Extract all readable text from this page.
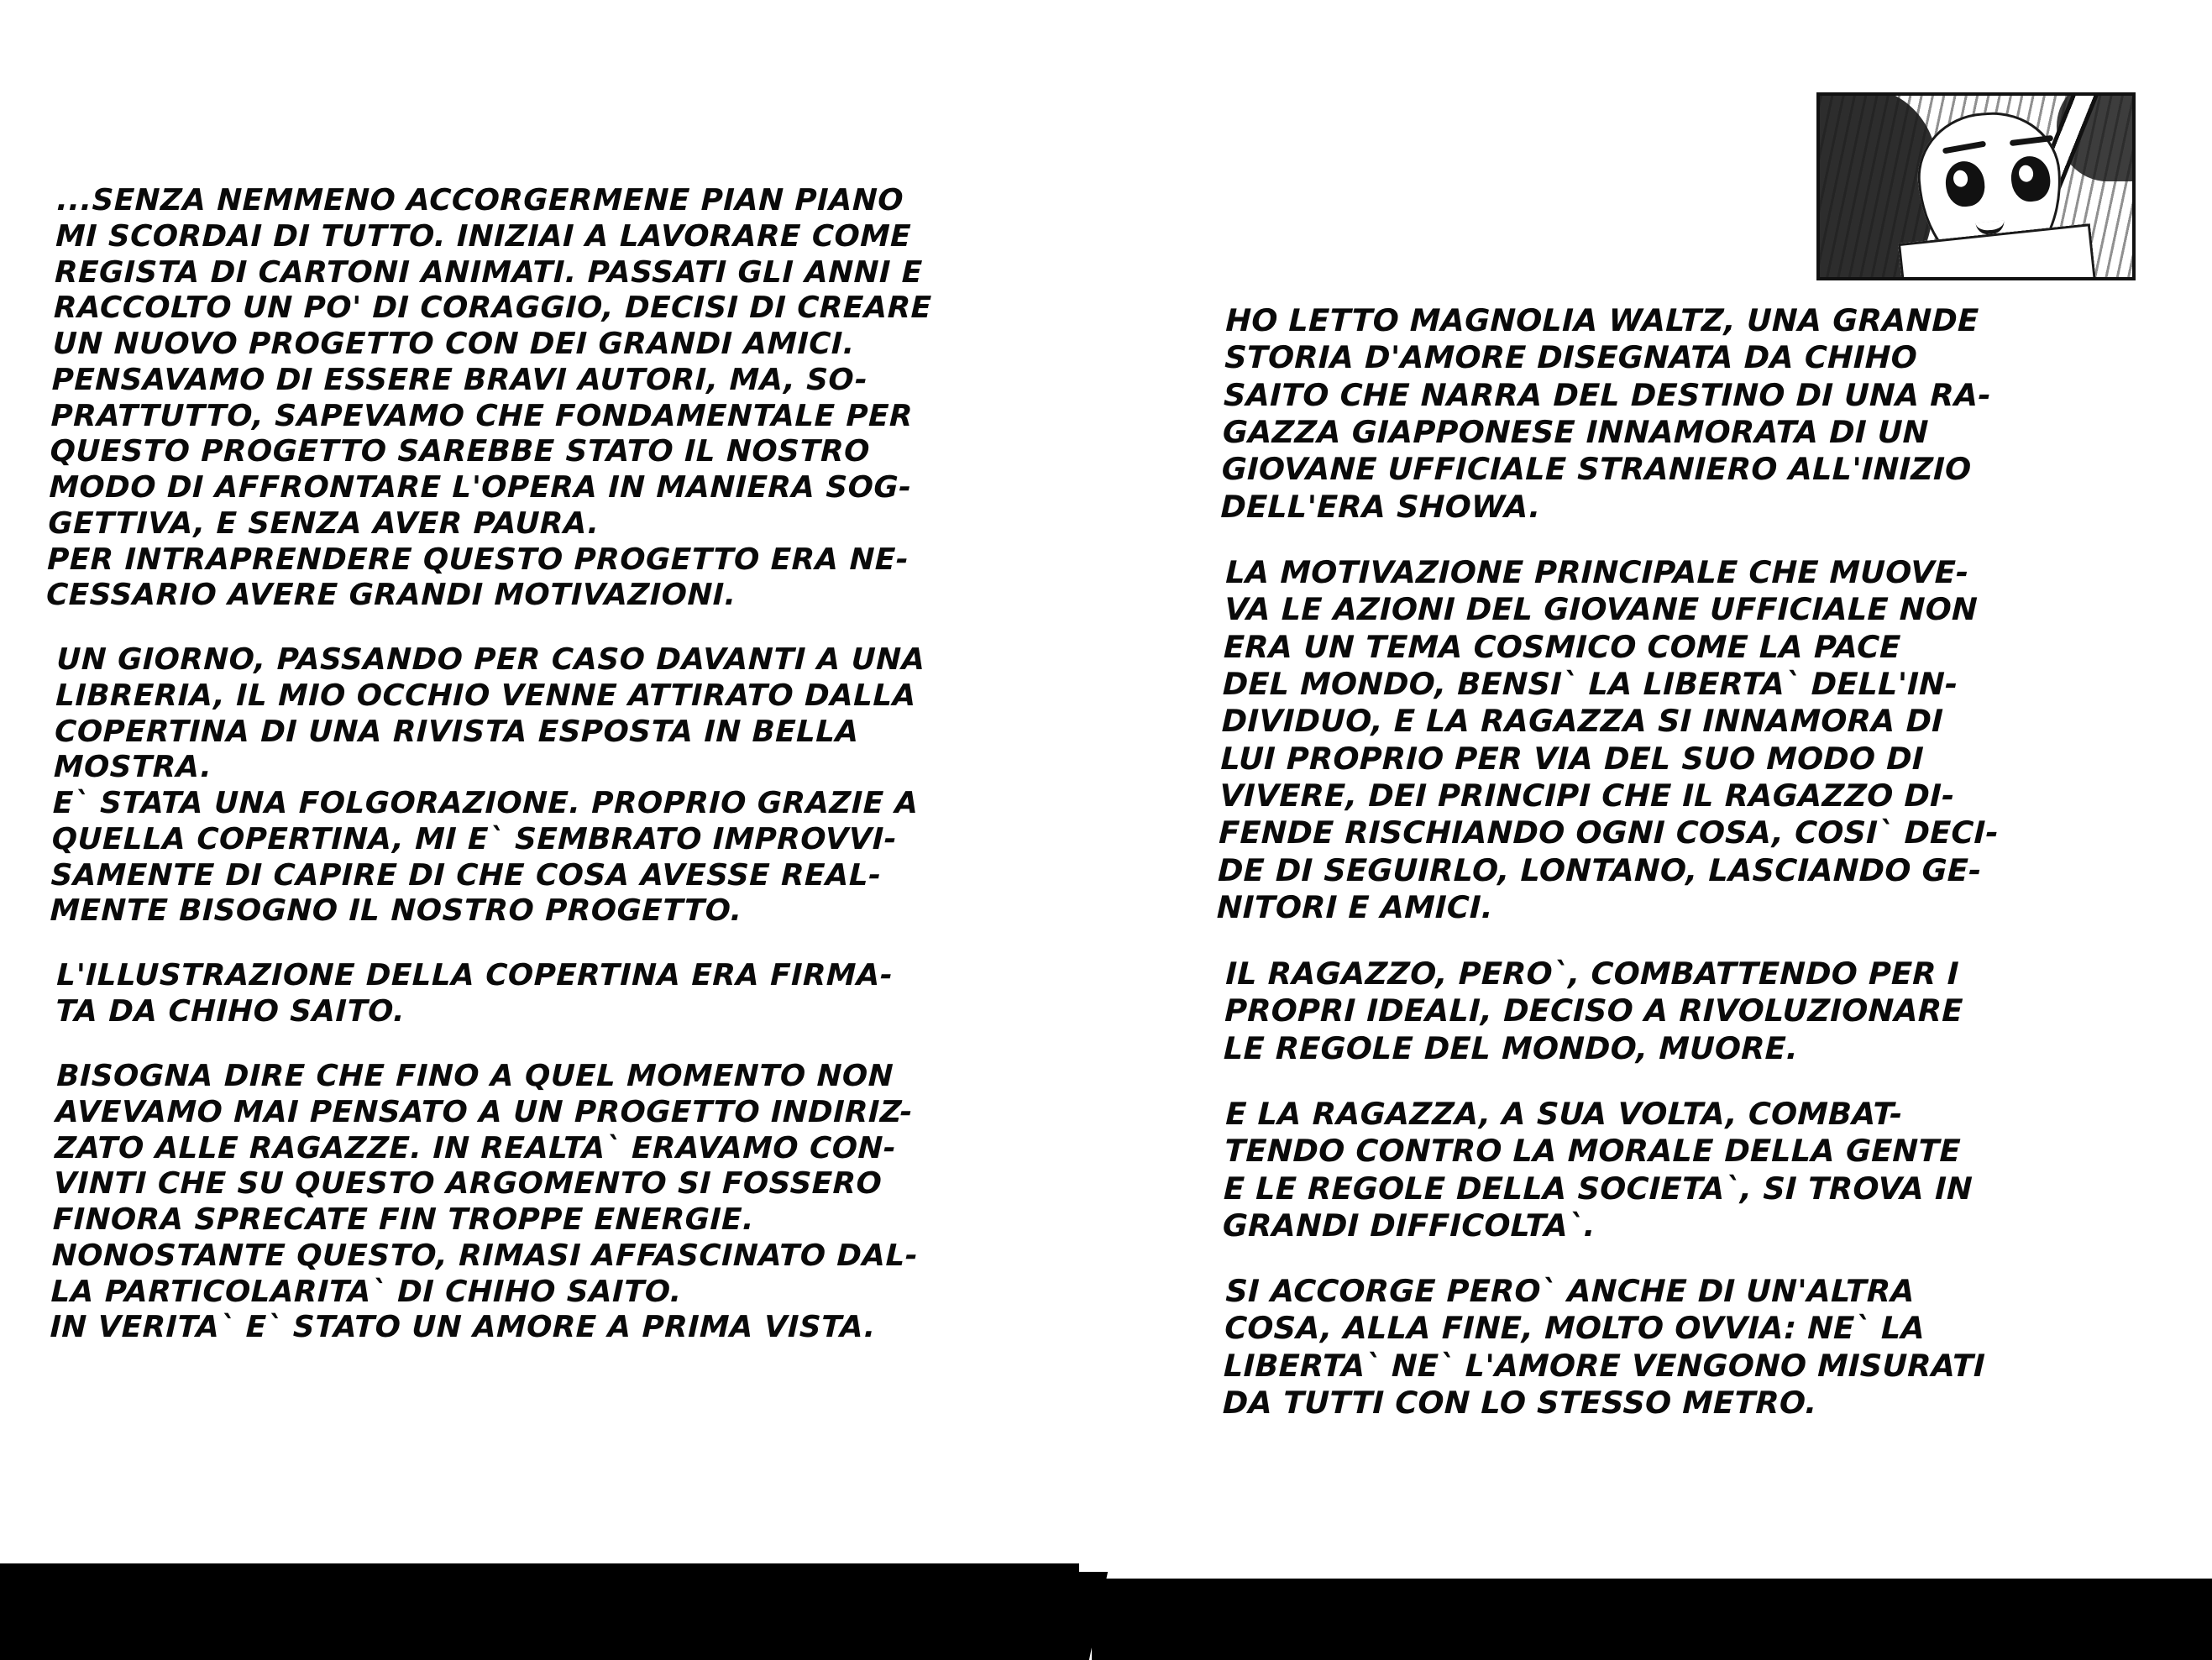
...SENZA NEMMENO ACCORGERMENE PIAN PIANO
MI SCORDAI DI TUTTO. INIZIAI A LAVORARE COME
REGISTA DI CARTONI ANIMATI. PASSATI GLI ANNI E
RACCOLTO UN PO' DI CORAGGIO, DECISI DI CREARE
UN NUOVO PROGETTO CON DEI GRANDI AMICI.
PENSAVAMO DI ESSERE BRAVI AUTORI, MA, SO-
PRATTUTTO, SAPEVAMO CHE FONDAMENTALE PER
QUESTO PROGETTO SAREBBE STATO IL NOSTRO
MODO DI AFFRONTARE L'OPERA IN MANIERA SOG-
GETTIVA, E SENZA AVER PAURA.
PER INTRAPRENDERE QUESTO PROGETTO ERA NE-
CESSARIO AVERE GRANDI MOTIVAZIONI.

UN GIORNO, PASSANDO PER CASO DAVANTI A UNA
LIBRERIA, IL MIO OCCHIO VENNE ATTIRATO DALLA
COPERTINA DI UNA RIVISTA ESPOSTA IN BELLA
MOSTRA.
E` STATA UNA FOLGORAZIONE. PROPRIO GRAZIE A
QUELLA COPERTINA, MI E` SEMBRATO IMPROVVI-
SAMENTE DI CAPIRE DI CHE COSA AVESSE REAL-
MENTE BISOGNO IL NOSTRO PROGETTO.

L'ILLUSTRAZIONE DELLA COPERTINA ERA FIRMA-
TA DA CHIHO SAITO.

BISOGNA DIRE CHE FINO A QUEL MOMENTO NON
AVEVAMO MAI PENSATO A UN PROGETTO INDIRIZ-
ZATO ALLE RAGAZZE. IN REALTA` ERAVAMO CON-
VINTI CHE SU QUESTO ARGOMENTO SI FOSSERO
FINORA SPRECATE FIN TROPPE ENERGIE.
NONOSTANTE QUESTO, RIMASI AFFASCINATO DAL-
LA PARTICOLARITA` DI CHIHO SAITO.
IN VERITA` E` STATO UN AMORE A PRIMA VISTA.

HO LETTO MAGNOLIA WALTZ, UNA GRANDE
STORIA D'AMORE DISEGNATA DA CHIHO
SAITO CHE NARRA DEL DESTINO DI UNA RA-
GAZZA GIAPPONESE INNAMORATA DI UN
GIOVANE UFFICIALE STRANIERO ALL'INIZIO
DELL'ERA SHOWA.

LA MOTIVAZIONE PRINCIPALE CHE MUOVE-
VA LE AZIONI DEL GIOVANE UFFICIALE NON
ERA UN TEMA COSMICO COME LA PACE
DEL MONDO, BENSI` LA LIBERTA` DELL'IN-
DIVIDUO, E LA RAGAZZA SI INNAMORA DI
LUI PROPRIO PER VIA DEL SUO MODO DI
VIVERE, DEI PRINCIPI CHE IL RAGAZZO DI-
FENDE RISCHIANDO OGNI COSA, COSI` DECI-
DE DI SEGUIRLO, LONTANO, LASCIANDO GE-
NITORI E AMICI.

IL RAGAZZO, PERO`, COMBATTENDO PER I
PROPRI IDEALI, DECISO A RIVOLUZIONARE
LE REGOLE DEL MONDO, MUORE.

E LA RAGAZZA, A SUA VOLTA, COMBAT-
TENDO CONTRO LA MORALE DELLA GENTE
E LE REGOLE DELLA SOCIETA`, SI TROVA IN
GRANDI DIFFICOLTA`.

SI ACCORGE PERO` ANCHE DI UN'ALTRA
COSA, ALLA FINE, MOLTO OVVIA: NE` LA
LIBERTA` NE` L'AMORE VENGONO MISURATI
DA TUTTI CON LO STESSO METRO.
